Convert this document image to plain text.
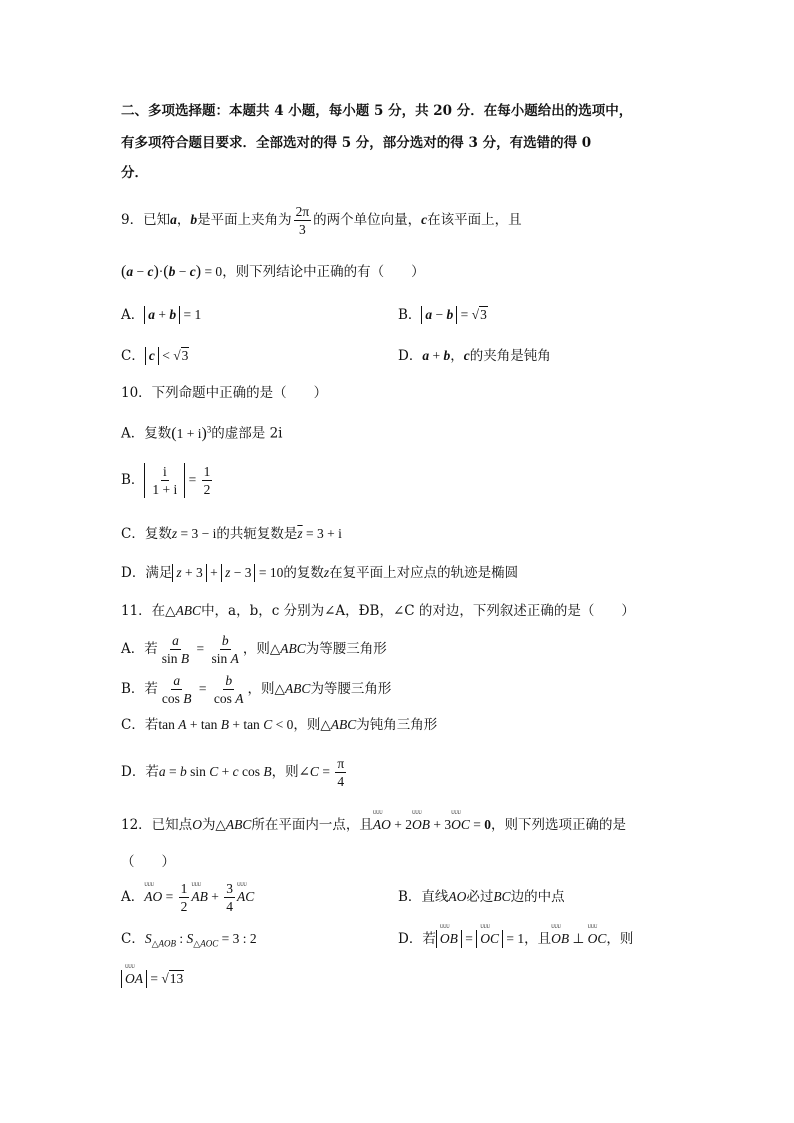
二、多项选择题：本题共 4 小题，每小题 5 分，共 20 分．在每小题给出的选项中，
有多项符合题目要求．全部选对的得 5 分，部分选对的得 3 分，有选错的得 0
分．
9．已知a，b是平面上夹角为 $\frac{2\pi}{3}$ 的两个单位向量，c在该平面上，且
(a − c)·(b − c) = 0，则下列结论中正确的有（　　）
A． a + b = 1	B． a − b = √3
C． c < √3	D．a + b，c的夹角是钝角
10．下列命题中正确的是（　　）
A．复数$(1 + i)^3$的虚部是 2i
B． $\frac{i}{1 + i} = \frac{1}{2}$
C．复数z = 3 − i的共轭复数是$\overline{z} = 3 + i$
D．满足 z + 3 + z − 3 = 10的复数z在复平面上对应点的轨迹是椭圆
11．在△ABC中，a，b，c 分别为∠A，ÐB，∠C 的对边，下列叙述正确的是（　　）
A．若 $\frac{a}{\text{sin B}} = \frac{b}{\text{sin A}}$ ，则△ABC为等腰三角形
B．若 $\frac{a}{\text{cos B}} = \frac{b}{\text{cos A}}$ ，则△ABC为等腰三角形
C．若tan A + tan B + tan C < 0，则△ABC为钝角三角形
D．若a = b sin C + c cos B，则∠C = $\frac{\pi}{4}$
12．已知点O为△ABC所在平面内一点，且
ᵁᵁᵁ
AO + 2
ᵁᵁᵁ
OB + 3
ᵁᵁᵁ
OC = 0，则下列选项正确的是
（　　）
A．
ᵁᵁᵁ
AO = $\frac{1}{2}$ ᵁᵁᵁ
AB + $\frac{3}{4}$ ᵁᵁᵁ
AC	B．直线AO必过BC边的中点
C．$S_{\triangle AOB}$ : $S_{\triangle AOC} = 3$ : 2	D．若
ᵁᵁᵁ
OB =
ᵁᵁᵁ
OC = 1，且
ᵁᵁᵁ
OB ⊥
ᵁᵁᵁ
OC，则
ᵁᵁᵁ
OA = √13
